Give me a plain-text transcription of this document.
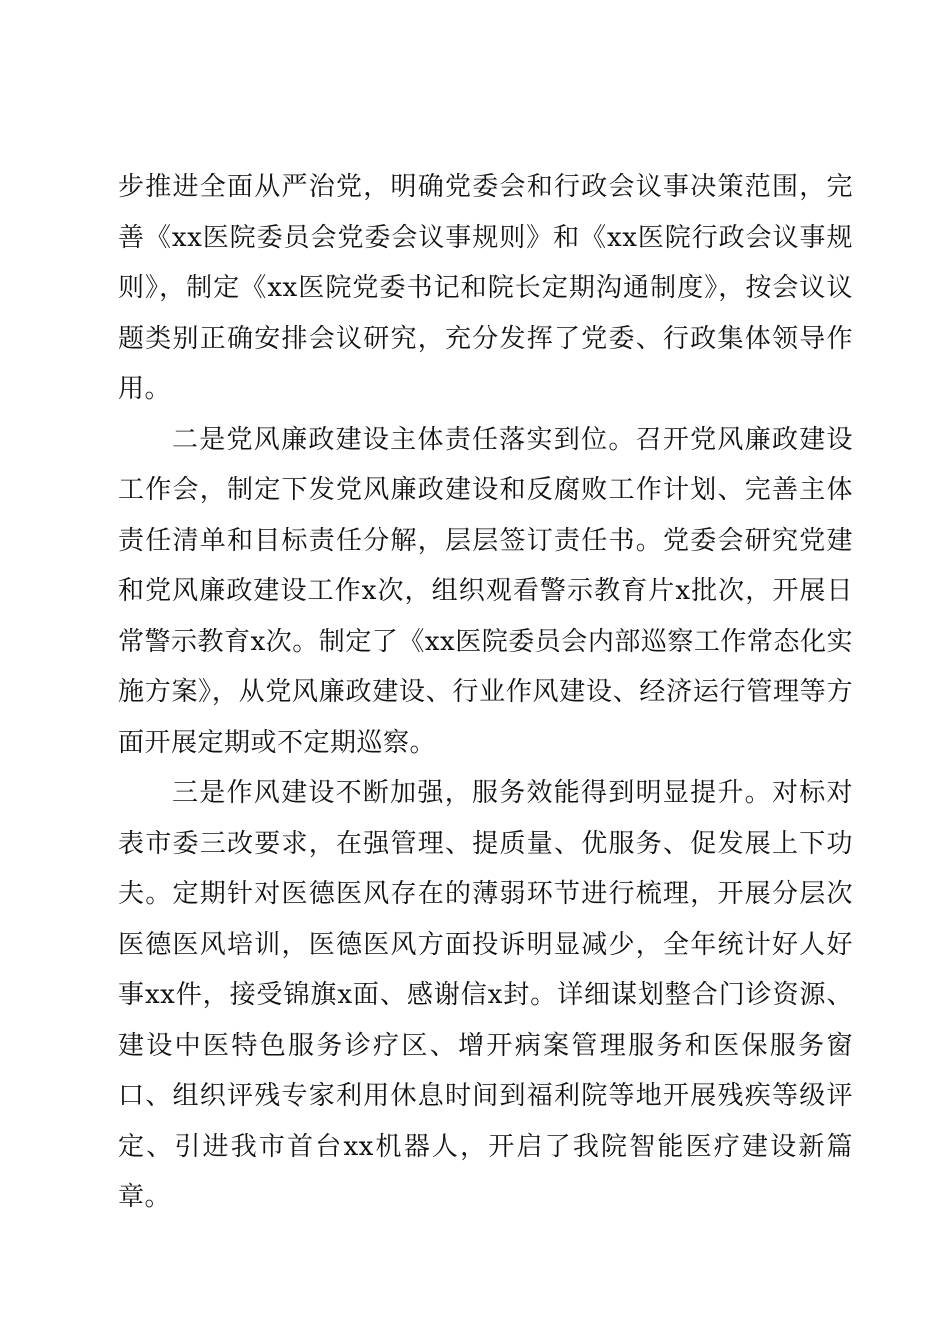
步推进全面从严治党，明确党委会和行政会议事决策范围，完善《xx医院委员会党委会议事规则》和《xx医院行政会议事规则》，制定《xx医院党委书记和院长定期沟通制度》，按会议议题类别正确安排会议研究，充分发挥了党委、行政集体领导作用。

二是党风廉政建设主体责任落实到位。召开党风廉政建设工作会，制定下发党风廉政建设和反腐败工作计划、完善主体责任清单和目标责任分解，层层签订责任书。党委会研究党建和党风廉政建设工作x次，组织观看警示教育片x批次，开展日常警示教育x次。制定了《xx医院委员会内部巡察工作常态化实施方案》，从党风廉政建设、行业作风建设、经济运行管理等方面开展定期或不定期巡察。

三是作风建设不断加强，服务效能得到明显提升。对标对表市委三改要求，在强管理、提质量、优服务、促发展上下功夫。定期针对医德医风存在的薄弱环节进行梳理，开展分层次医德医风培训，医德医风方面投诉明显减少，全年统计好人好事xx件，接受锦旗x面、感谢信x封。详细谋划整合门诊资源、建设中医特色服务诊疗区、增开病案管理服务和医保服务窗口、组织评残专家利用休息时间到福利院等地开展残疾等级评定、引进我市首台xx机器人，开启了我院智能医疗建设新篇章。
